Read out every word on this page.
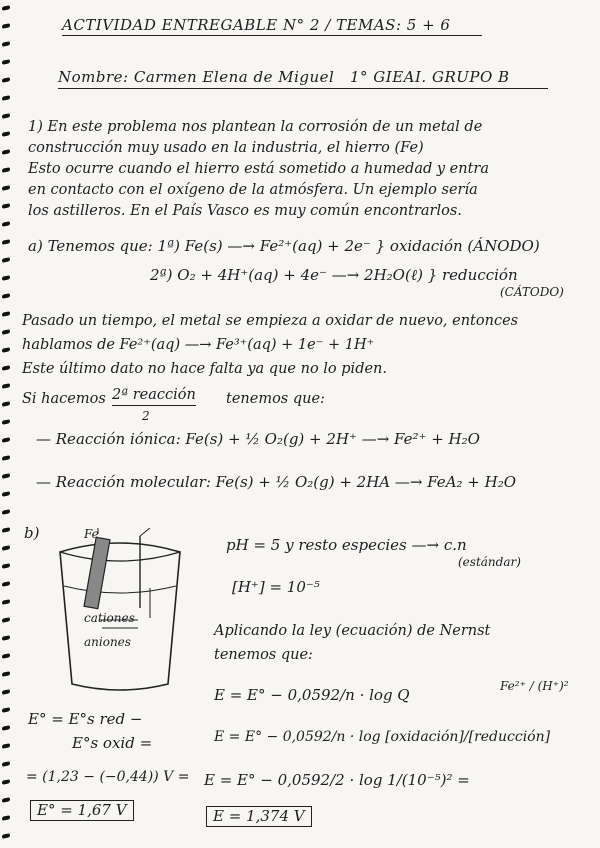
ACTIVIDAD ENTREGABLE N° 2 / TEMAS: 5 + 6
Nombre: Carmen Elena de Miguel 1° GIEAI. GRUPO B
1) En este problema nos plantean la corrosión de un metal de
construcción muy usado en la industria, el hierro (Fe)
Esto ocurre cuando el hierro está sometido a humedad y entra
en contacto con el oxígeno de la atmósfera. Un ejemplo sería
los astilleros. En el País Vasco es muy común encontrarlos.
a) Tenemos que: 1ª) Fe(s) —→ Fe²⁺(aq) + 2e⁻ } oxidación (ÁNODO)
2ª) O₂ + 4H⁺(aq) + 4e⁻ —→ 2H₂O(ℓ) } reducción
(CÁTODO)
Pasado un tiempo, el metal se empieza a oxidar de nuevo, entonces
hablamos de Fe²⁺(aq) —→ Fe³⁺(aq) + 1e⁻ + 1H⁺
Este último dato no hace falta ya que no lo piden.
Si hacemos 2ª reacción
2
tenemos que:
— Reacción iónica: Fe(s) + ½ O₂(g) + 2H⁺ —→ Fe²⁺ + H₂O
— Reacción molecular: Fe(s) + ½ O₂(g) + 2HA —→ FeA₂ + H₂O
b)	Fe
cationes
aniones
pH = 5 y resto especies —→ c.n
(estándar)
[H⁺] = 10⁻⁵
Aplicando la ley (ecuación) de Nernst
tenemos que:
Fe²⁺ / (H⁺)²
E = E° − 0,0592/n · log Q
E = E° − 0,0592/n · log [oxidación]/[reducción]
E = E° − 0,0592/2 · log 1/(10⁻⁵)² =
E = 1,374 V
E° = E°s red −
E°s oxid =
= (1,23 − (−0,44)) V =
E° = 1,67 V
